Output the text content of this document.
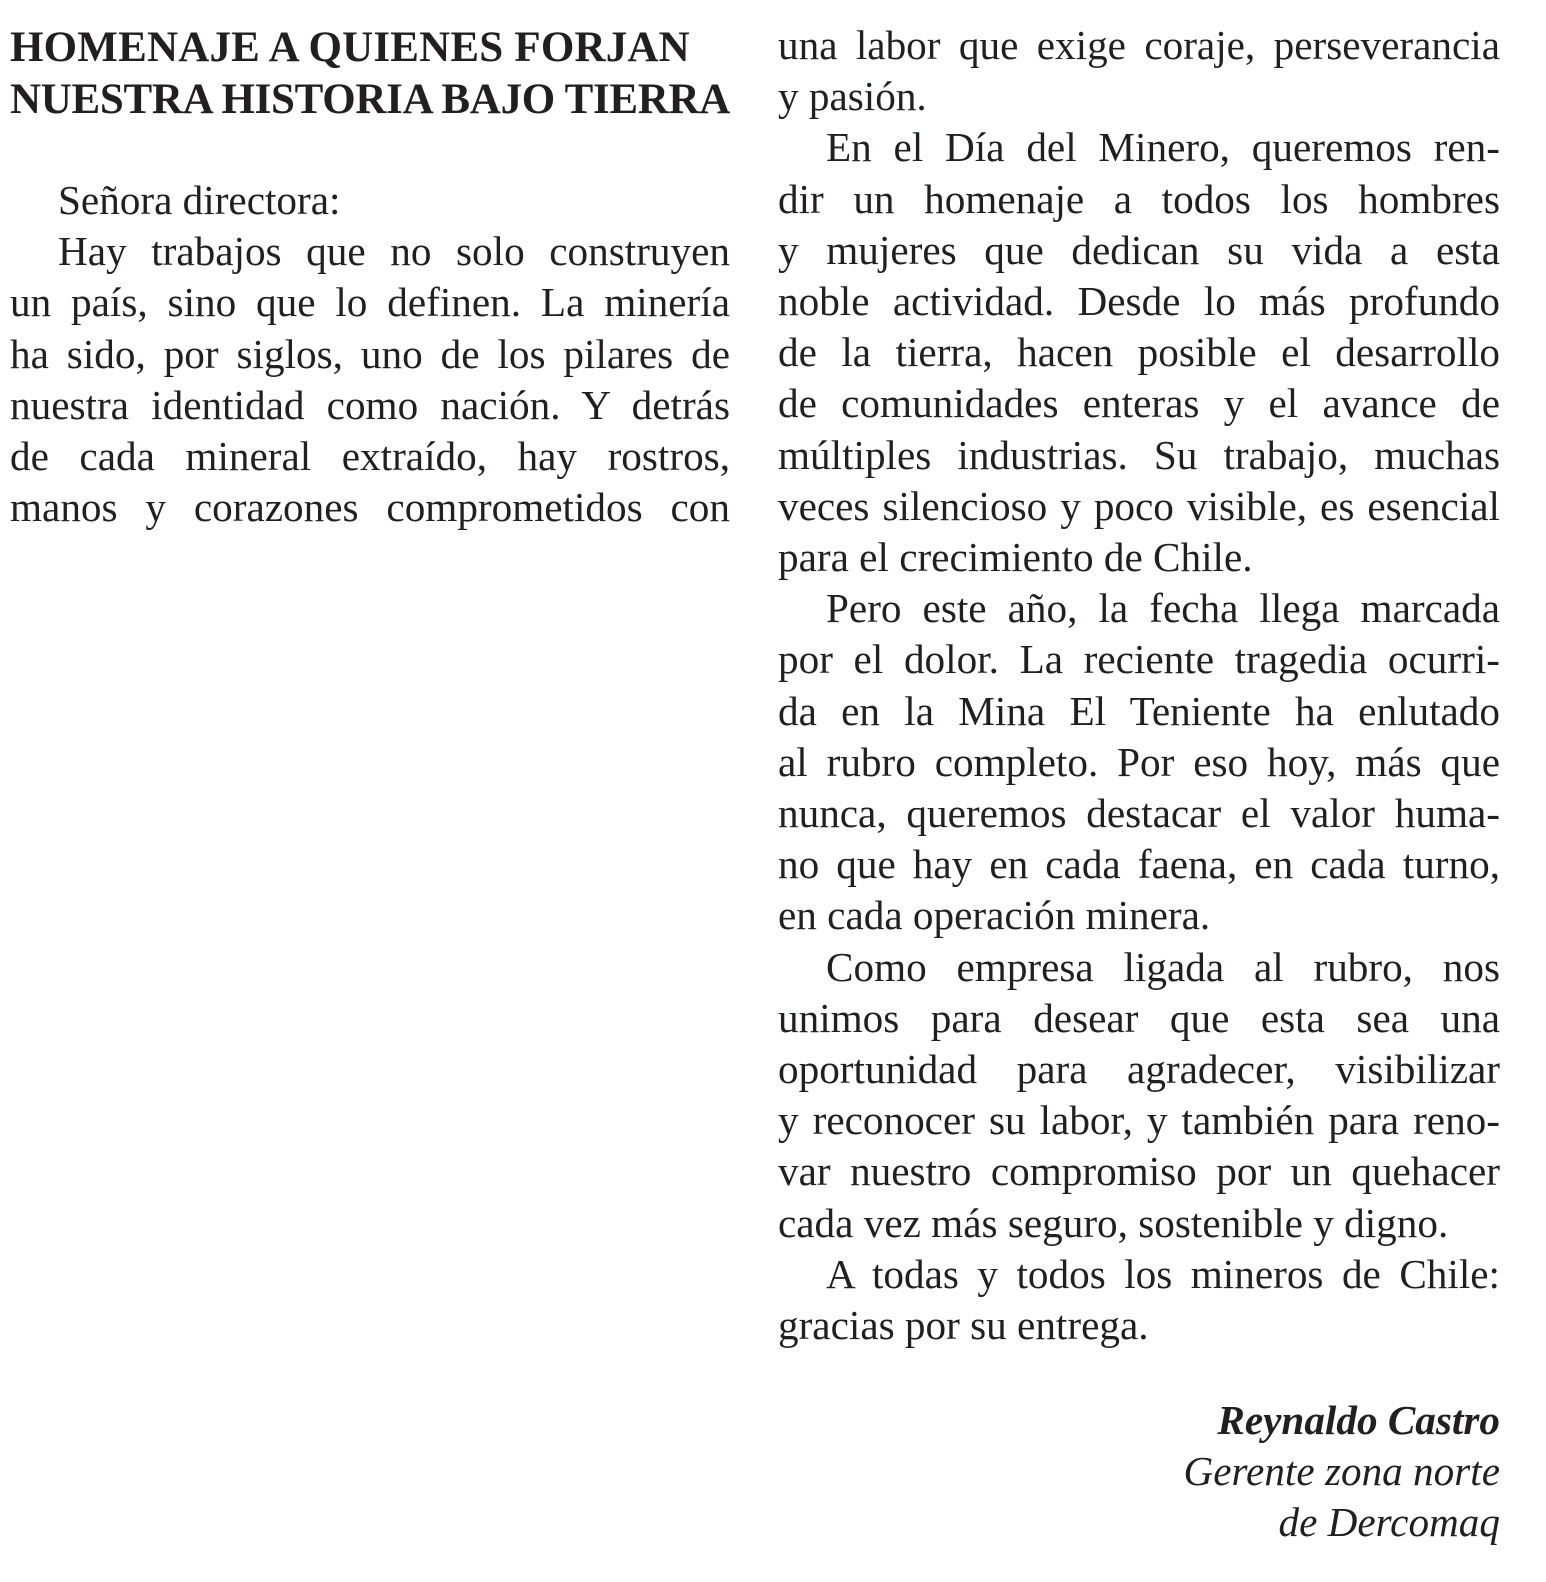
HOMENAJE A QUIENES FORJAN
NUESTRA HISTORIA BAJO TIERRA
Señora directora:
Hay trabajos que no solo construyen
un país, sino que lo definen. La minería
ha sido, por siglos, uno de los pilares de
nuestra identidad como nación. Y detrás
de cada mineral extraído, hay rostros,
manos y corazones comprometidos con
una labor que exige coraje, perseverancia
y pasión.
En el Día del Minero, queremos ren-
dir un homenaje a todos los hombres
y mujeres que dedican su vida a esta
noble actividad. Desde lo más profundo
de la tierra, hacen posible el desarrollo
de comunidades enteras y el avance de
múltiples industrias. Su trabajo, muchas
veces silencioso y poco visible, es esencial
para el crecimiento de Chile.
Pero este año, la fecha llega marcada
por el dolor. La reciente tragedia ocurri-
da en la Mina El Teniente ha enlutado
al rubro completo. Por eso hoy, más que
nunca, queremos destacar el valor huma-
no que hay en cada faena, en cada turno,
en cada operación minera.
Como empresa ligada al rubro, nos
unimos para desear que esta sea una
oportunidad para agradecer, visibilizar
y reconocer su labor, y también para reno-
var nuestro compromiso por un quehacer
cada vez más seguro, sostenible y digno.
A todas y todos los mineros de Chile:
gracias por su entrega.
Reynaldo Castro
Gerente zona norte
de Dercomaq
